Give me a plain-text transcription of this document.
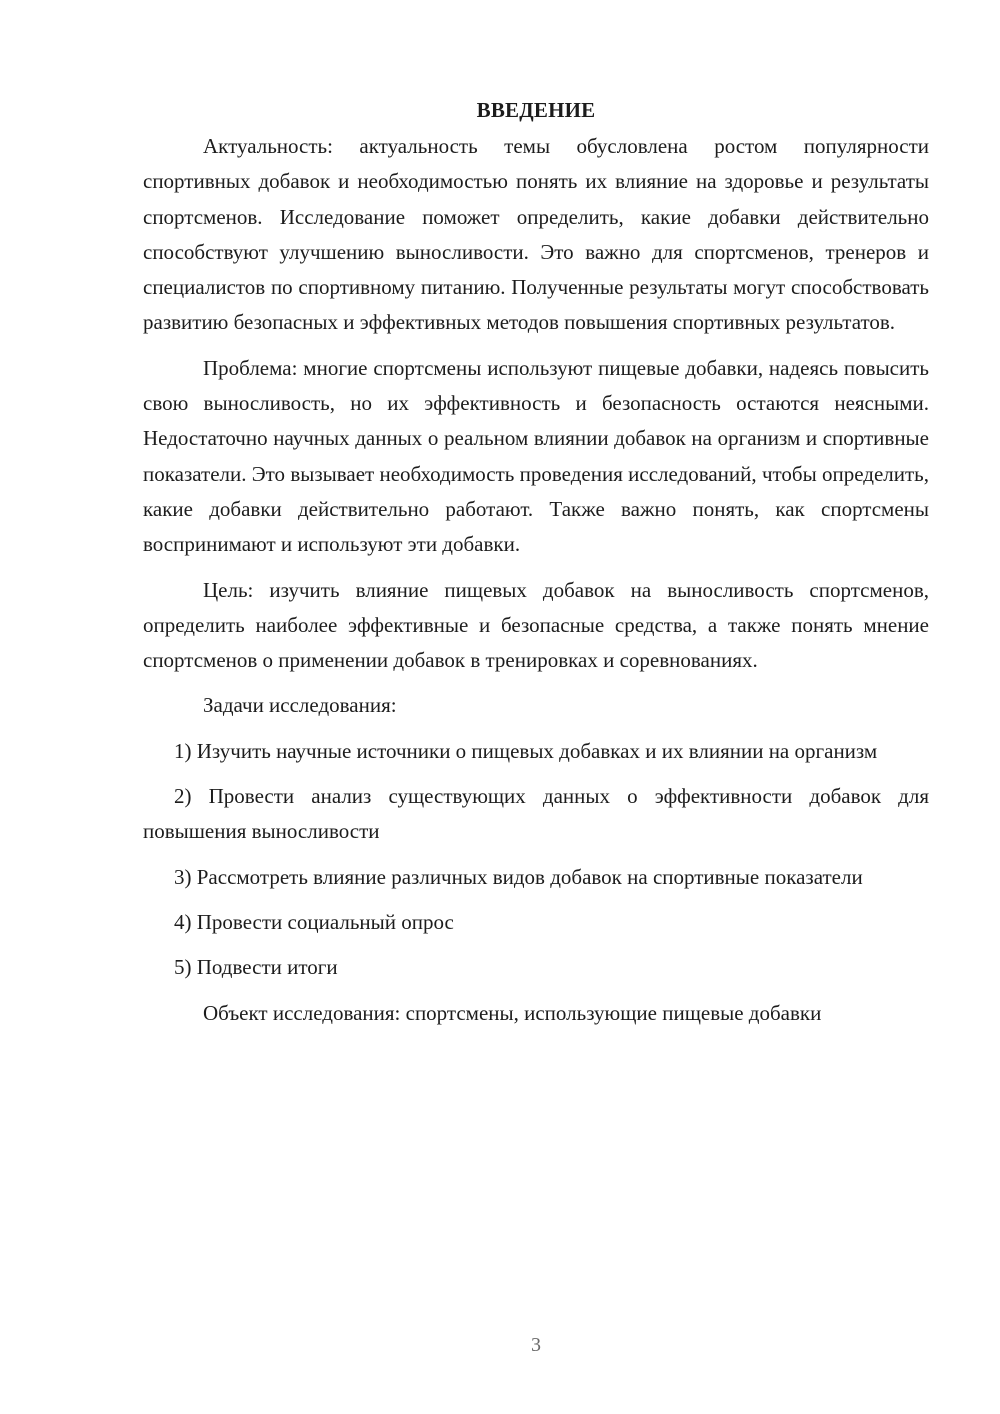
ВВЕДЕНИЕ

Актуальность: актуальность темы обусловлена ростом популярности спортивных добавок и необходимостью понять их влияние на здоровье и результаты спортсменов. Исследование поможет определить, какие добавки действительно способствуют улучшению выносливости. Это важно для спортсменов, тренеров и специалистов по спортивному питанию. Полученные результаты могут способствовать развитию безопасных и эффективных методов повышения спортивных результатов.

Проблема: многие спортсмены используют пищевые добавки, надеясь повысить свою выносливость, но их эффективность и безопасность остаются неясными. Недостаточно научных данных о реальном влиянии добавок на организм и спортивные показатели. Это вызывает необходимость проведения исследований, чтобы определить, какие добавки действительно работают. Также важно понять, как спортсмены воспринимают и используют эти добавки.

Цель: изучить влияние пищевых добавок на выносливость спортсменов, определить наиболее эффективные и безопасные средства, а также понять мнение спортсменов о применении добавок в тренировках и соревнованиях.

Задачи исследования:

1) Изучить научные источники о пищевых добавках и их влиянии на организм

2) Провести анализ существующих данных о эффективности добавок для повышения выносливости

3) Рассмотреть влияние различных видов добавок на спортивные показатели

4) Провести социальный опрос

5) Подвести итоги

Объект исследования: спортсмены, использующие пищевые добавки

3
